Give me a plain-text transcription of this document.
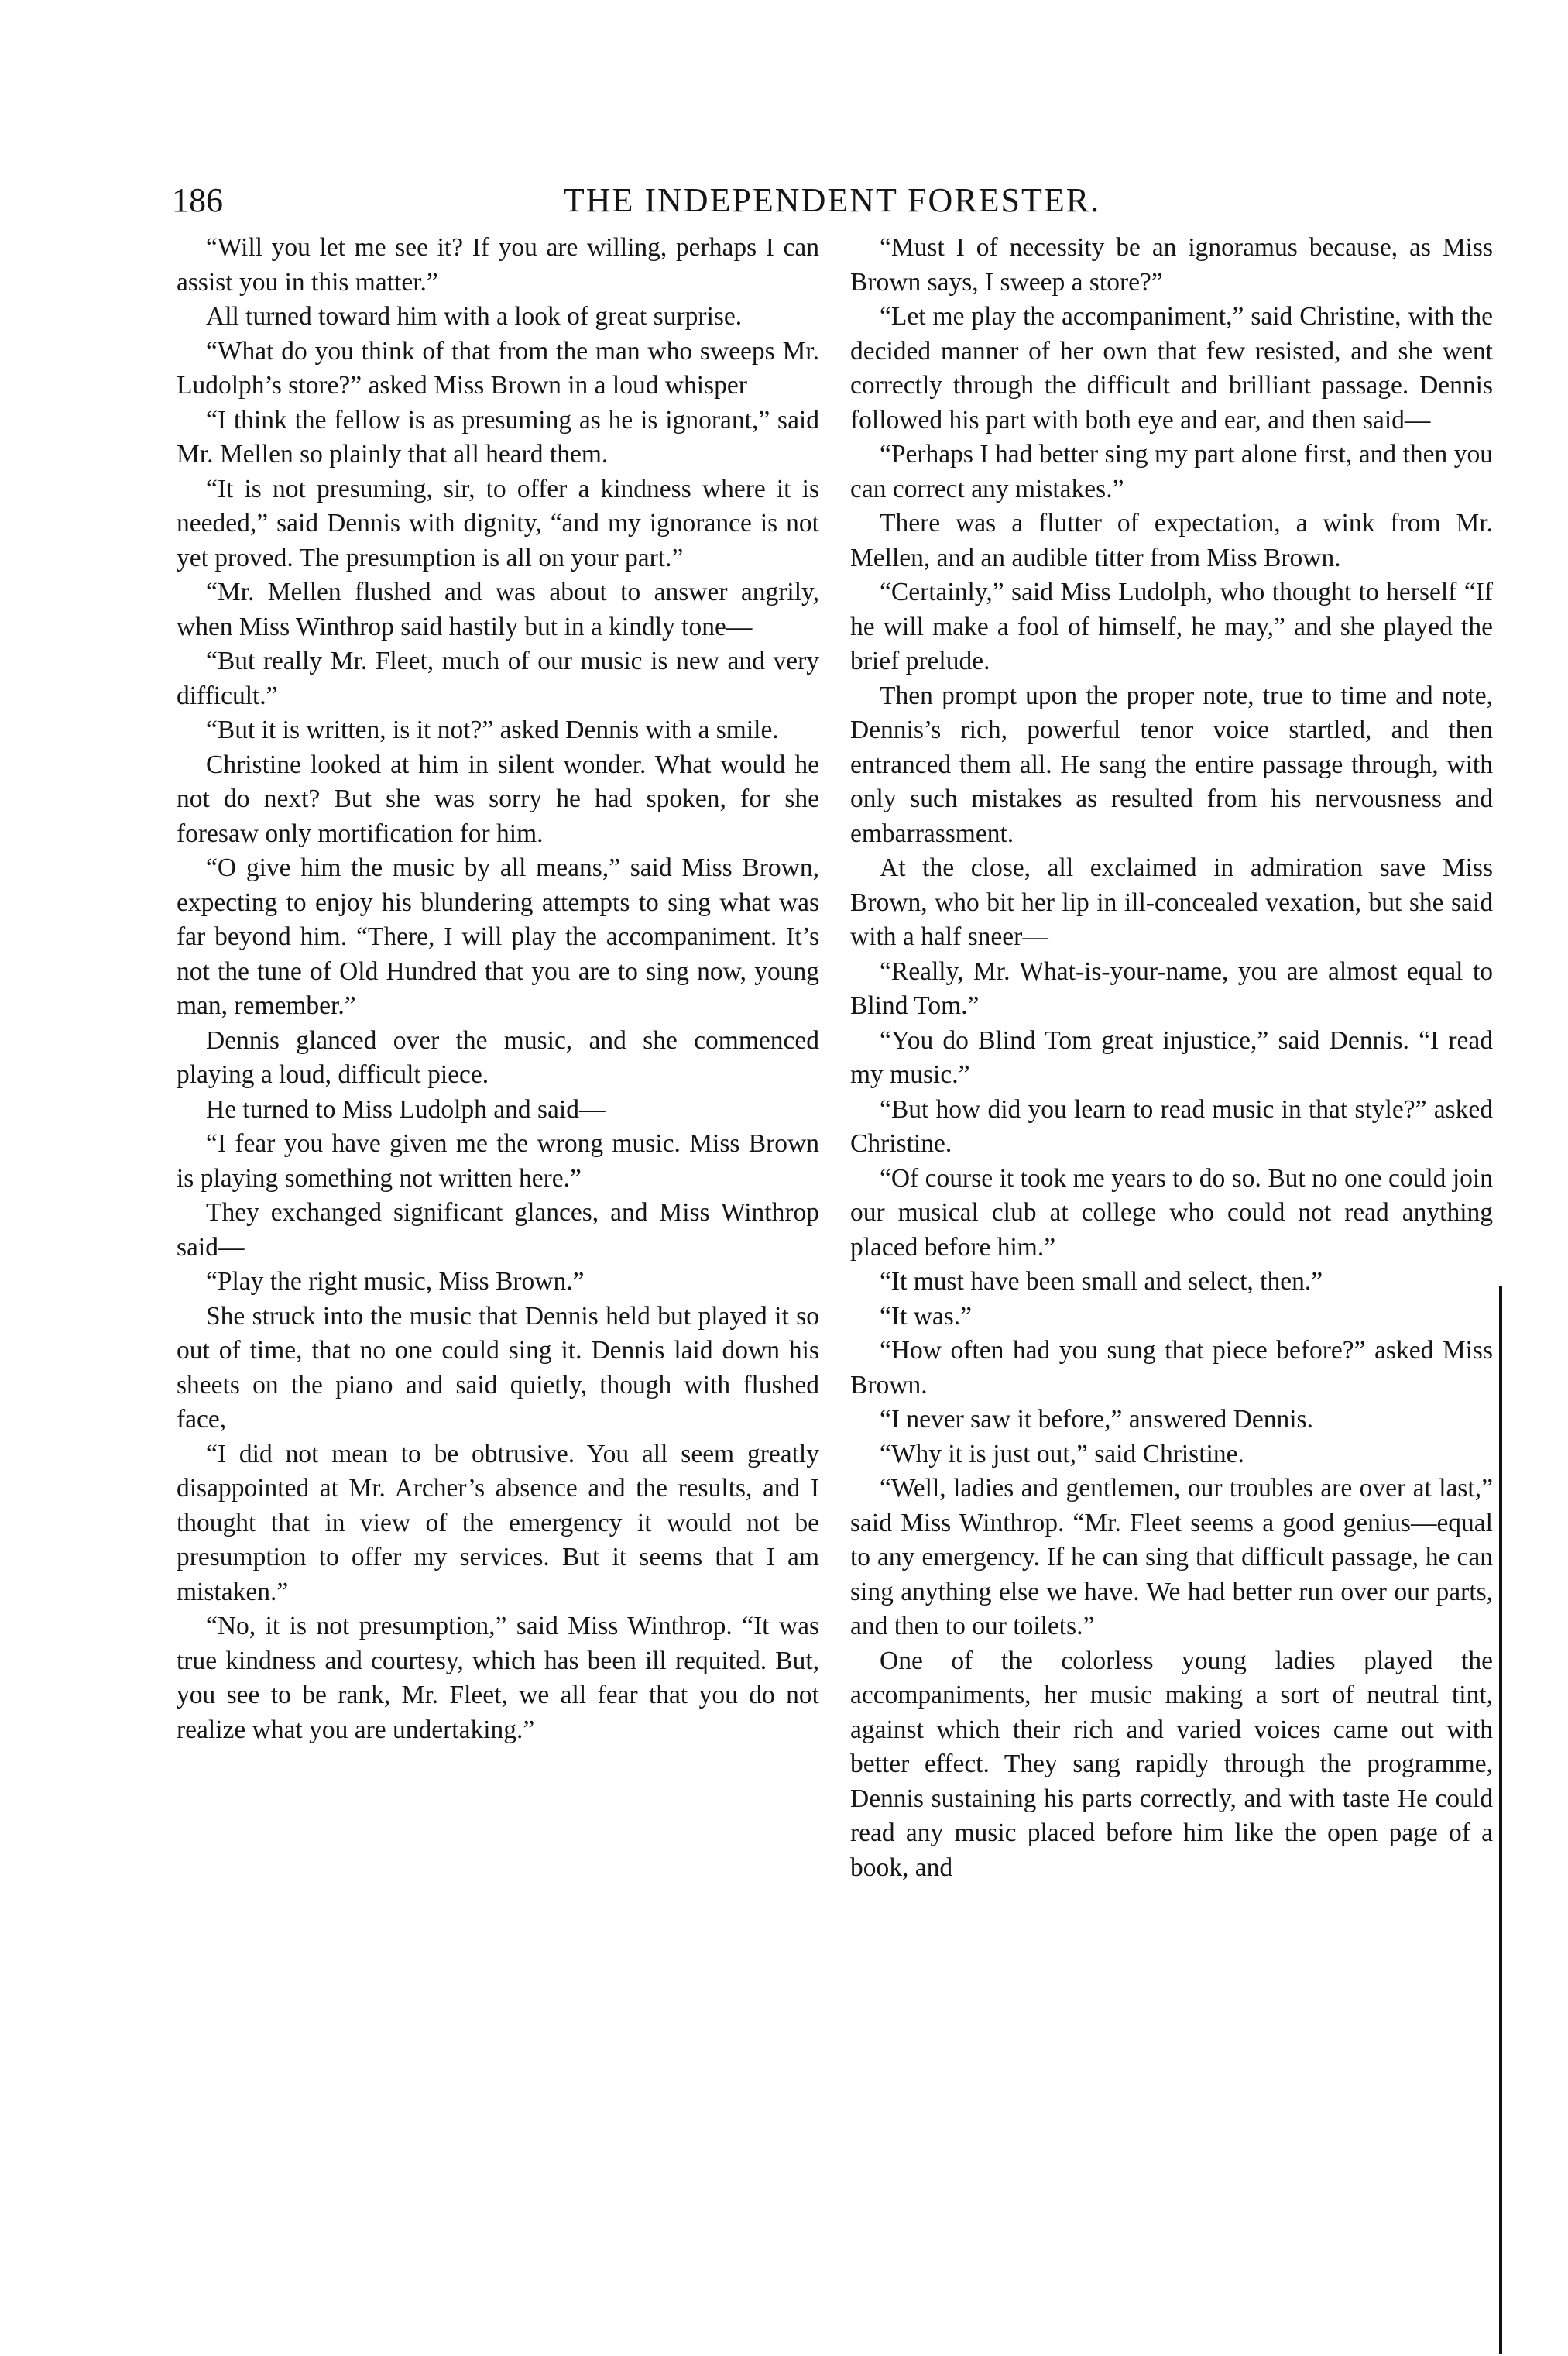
186	THE INDEPENDENT FORESTER.

“Will you let me see it? If you are willing, perhaps I can assist you in this matter.”

All turned toward him with a look of great surprise.

“What do you think of that from the man who sweeps Mr. Ludolph’s store?” asked Miss Brown in a loud whisper

“I think the fellow is as presuming as he is ignorant,” said Mr. Mellen so plainly that all heard them.

“It is not presuming, sir, to offer a kindness where it is needed,” said Dennis with dignity, “and my ignorance is not yet proved. The presumption is all on your part.”

“Mr. Mellen flushed and was about to answer angrily, when Miss Winthrop said hastily but in a kindly tone—

“But really Mr. Fleet, much of our music is new and very difficult.”

“But it is written, is it not?” asked Dennis with a smile.

Christine looked at him in silent wonder. What would he not do next? But she was sorry he had spoken, for she foresaw only mortification for him.

“O give him the music by all means,” said Miss Brown, expecting to enjoy his blundering attempts to sing what was far beyond him. “There, I will play the accompaniment. It’s not the tune of Old Hundred that you are to sing now, young man, remember.”

Dennis glanced over the music, and she commenced playing a loud, difficult piece.

He turned to Miss Ludolph and said—

“I fear you have given me the wrong music. Miss Brown is playing something not written here.”

They exchanged significant glances, and Miss Winthrop said—

“Play the right music, Miss Brown.”

She struck into the music that Dennis held but played it so out of time, that no one could sing it. Dennis laid down his sheets on the piano and said quietly, though with flushed face,

“I did not mean to be obtrusive. You all seem greatly disappointed at Mr. Archer’s absence and the results, and I thought that in view of the emergency it would not be presumption to offer my services. But it seems that I am mistaken.”

“No, it is not presumption,” said Miss Winthrop. “It was true kindness and courtesy, which has been ill requited. But, you see to be rank, Mr. Fleet, we all fear that you do not realize what you are undertaking.”

“Must I of necessity be an ignoramus because, as Miss Brown says, I sweep a store?”

“Let me play the accompaniment,” said Christine, with the decided manner of her own that few resisted, and she went correctly through the difficult and brilliant passage. Dennis followed his part with both eye and ear, and then said—

“Perhaps I had better sing my part alone first, and then you can correct any mistakes.”

There was a flutter of expectation, a wink from Mr. Mellen, and an audible titter from Miss Brown.

“Certainly,” said Miss Ludolph, who thought to herself “If he will make a fool of himself, he may,” and she played the brief prelude.

Then prompt upon the proper note, true to time and note, Dennis’s rich, powerful tenor voice startled, and then entranced them all. He sang the entire passage through, with only such mistakes as resulted from his nervousness and embarrassment.

At the close, all exclaimed in admiration save Miss Brown, who bit her lip in ill-concealed vexation, but she said with a half sneer—

“Really, Mr. What-is-your-name, you are almost equal to Blind Tom.”

“You do Blind Tom great injustice,” said Dennis. “I read my music.”

“But how did you learn to read music in that style?” asked Christine.

“Of course it took me years to do so. But no one could join our musical club at college who could not read anything placed before him.”

“It must have been small and select, then.”

“It was.”

“How often had you sung that piece before?” asked Miss Brown.

“I never saw it before,” answered Dennis.

“Why it is just out,” said Christine.

“Well, ladies and gentlemen, our troubles are over at last,” said Miss Winthrop. “Mr. Fleet seems a good genius—equal to any emergency. If he can sing that difficult passage, he can sing anything else we have. We had better run over our parts, and then to our toilets.”

One of the colorless young ladies played the accompaniments, her music making a sort of neutral tint, against which their rich and varied voices came out with better effect. They sang rapidly through the programme, Dennis sustaining his parts correctly, and with taste He could read any music placed before him like the open page of a book, and
